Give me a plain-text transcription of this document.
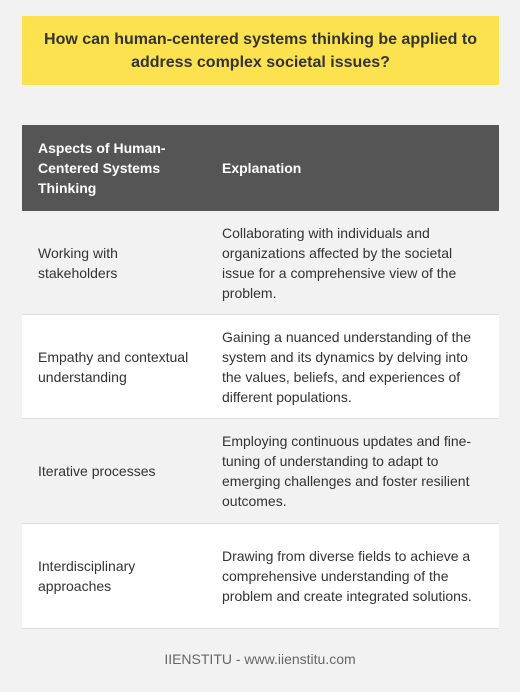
How can human-centered systems thinking be applied to address complex societal issues?
Aspects of Human-Centered Systems Thinking	Explanation
Working with stakeholders	Collaborating with individuals and organizations affected by the societal issue for a comprehensive view of the problem.
Empathy and contextual understanding	Gaining a nuanced understanding of the system and its dynamics by delving into the values, beliefs, and experiences of different populations.
Iterative processes	Employing continuous updates and fine-tuning of understanding to adapt to emerging challenges and foster resilient outcomes.
Interdisciplinary approaches	Drawing from diverse fields to achieve a comprehensive understanding of the problem and create integrated solutions.
IIENSTITU - www.iienstitu.com
